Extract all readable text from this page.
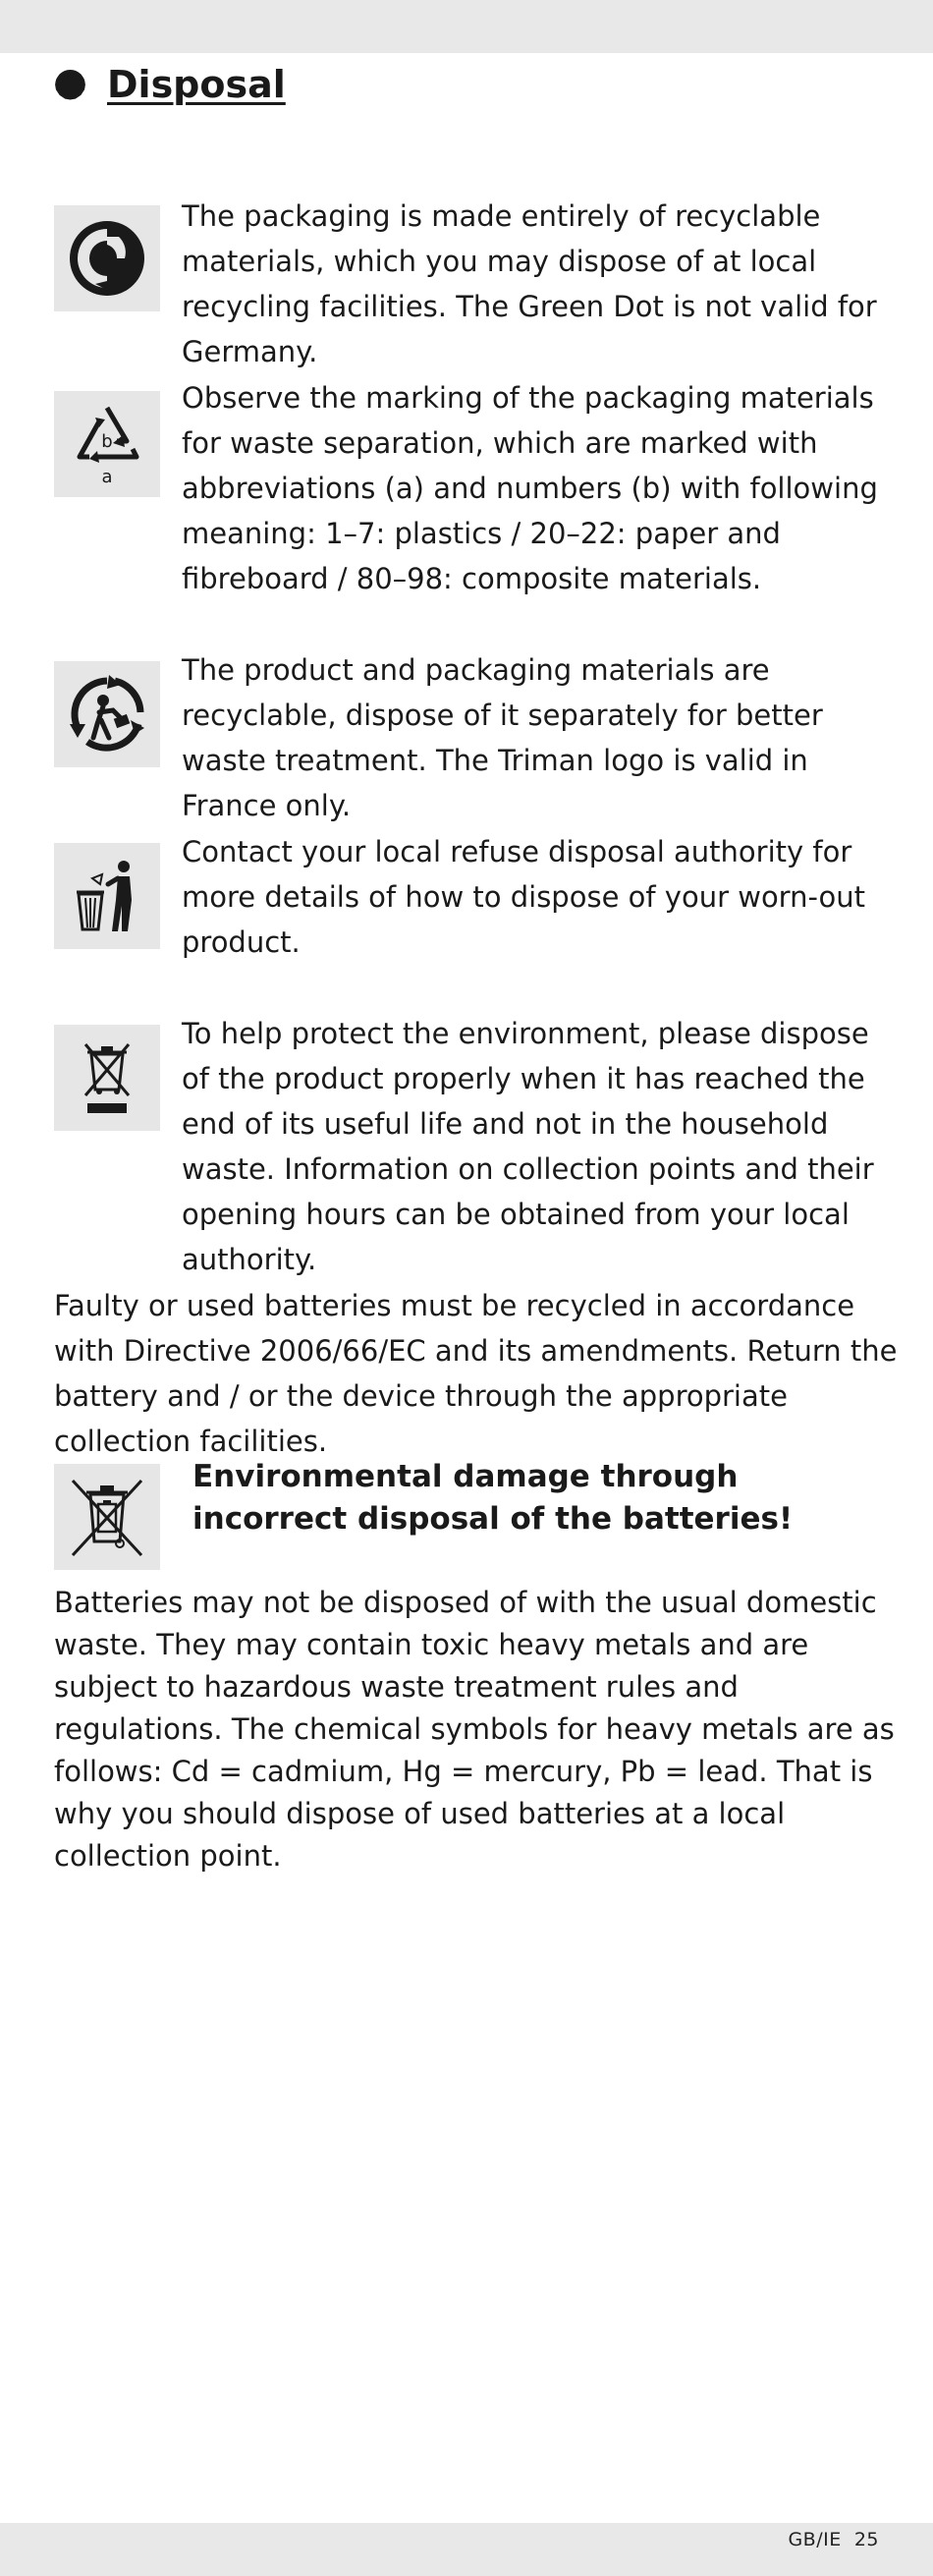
Disposal
The packaging is made entirely of recyclable materials, which you may dispose of at local recycling facilities. The Green Dot is not valid for Germany.
b
a
Observe the marking of the packaging materials for waste separation, which are marked with abbreviations (a) and numbers (b) with following meaning: 1–7: plastics / 20–22: paper and fibreboard / 80–98: composite materials.
The product and packaging materials are recyclable, dispose of it separately for better waste treatment. The Triman logo is valid in France only.
Contact your local refuse disposal authority for more details of how to dispose of your worn-out product.
To help protect the environment, please dispose of the product properly when it has reached the end of its useful life and not in the household waste. Information on collection points and their opening hours can be obtained from your local authority.
Faulty or used batteries must be recycled in accordance with Directive 2006/66/EC and its amendments. Return the battery and / or the device through the appropriate collection facilities.
Environmental damage through incorrect disposal of the batteries!
Batteries may not be disposed of with the usual domestic waste. They may contain toxic heavy metals and are subject to hazardous waste treatment rules and regulations. The chemical symbols for heavy metals are as follows: Cd = cadmium, Hg = mercury, Pb = lead. That is why you should dispose of used batteries at a local collection point.
GB/IE 25
